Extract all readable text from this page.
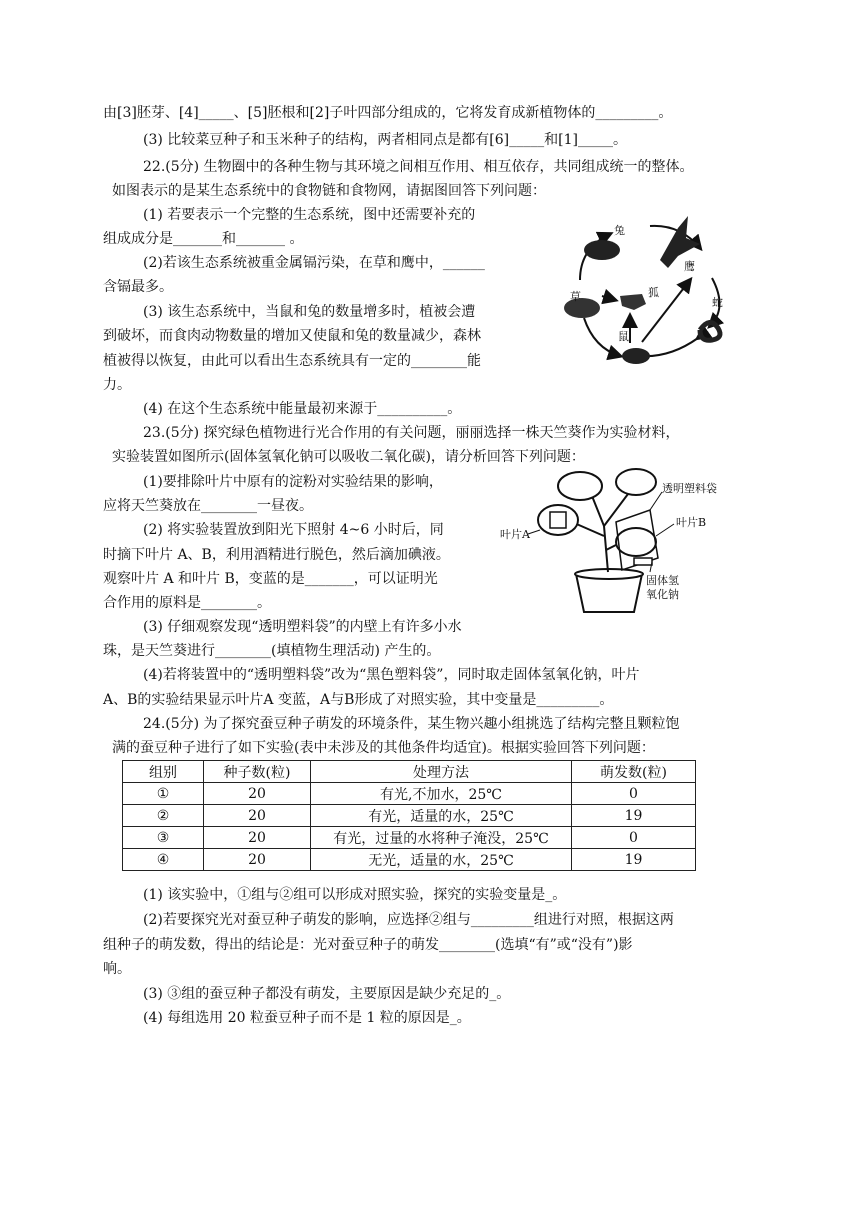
由[3]胚芽、[4]_____、[5]胚根和[2]子叶四部分组成的，它将发育成新植物体的_________。
(3) 比较菜豆种子和玉米种子的结构，两者相同点是都有[6]_____和[1]_____。
22.(5分) 生物圈中的各种生物与其环境之间相互作用、相互依存，共同组成统一的整体。
如图表示的是某生态系统中的食物链和食物网，请据图回答下列问题：
(1) 若要表示一个完整的生态系统，图中还需要补充的
组成成分是_______和_______ 。
(2)若该生态系统被重金属镉污染，在草和鹰中，______
含镉最多。
(3) 该生态系统中，当鼠和兔的数量增多时，植被会遭
到破坏，而食肉动物数量的增加又使鼠和兔的数量减少，森林
植被得以恢复，由此可以看出生态系统具有一定的________能
力。
(4) 在这个生态系统中能量最初来源于__________。
兔
鹰
草	狐
鼠
蛇
23.(5分) 探究绿色植物进行光合作用的有关问题，丽丽选择一株天竺葵作为实验材料，
实验装置如图所示(固体氢氧化钠可以吸收二氧化碳)，请分析回答下列问题：
(1)要排除叶片中原有的淀粉对实验结果的影响，
应将天竺葵放在________一昼夜。
(2) 将实验装置放到阳光下照射 4~6 小时后，同
时摘下叶片 A、B，利用酒精进行脱色，然后滴加碘液。
观察叶片 A 和叶片 B，变蓝的是_______，可以证明光
合作用的原料是________。
(3) 仔细观察发现“透明塑料袋”的内壁上有许多小水
珠，是天竺葵进行________(填植物生理活动) 产生的。
(4)若将装置中的“透明塑料袋”改为“黑色塑料袋”，同时取走固体氢氧化钠，叶片
A、B的实验结果显示叶片A 变蓝，A与B形成了对照实验，其中变量是_________。
透明塑料袋
叶片B
叶片A
固体氢
氧化钠
24.(5分) 为了探究蚕豆种子萌发的环境条件，某生物兴趣小组挑选了结构完整且颗粒饱
满的蚕豆种子进行了如下实验(表中未涉及的其他条件均适宜)。根据实验回答下列问题：
组别	种子数(粒)	处理方法	萌发数(粒)
①	20	有光,不加水，25℃	0
②	20	有光，适量的水，25℃	19
③	20	有光，过量的水将种子淹没，25℃	0
④	20	无光，适量的水，25℃	19
(1) 该实验中，①组与②组可以形成对照实验，探究的实验变量是_。
(2)若要探究光对蚕豆种子萌发的影响，应选择②组与_________组进行对照，根据这两
组种子的萌发数，得出的结论是：光对蚕豆种子的萌发________(选填“有”或“没有”)影
响。
(3) ③组的蚕豆种子都没有萌发，主要原因是缺少充足的_。
(4) 每组选用 20 粒蚕豆种子而不是 1 粒的原因是_。
